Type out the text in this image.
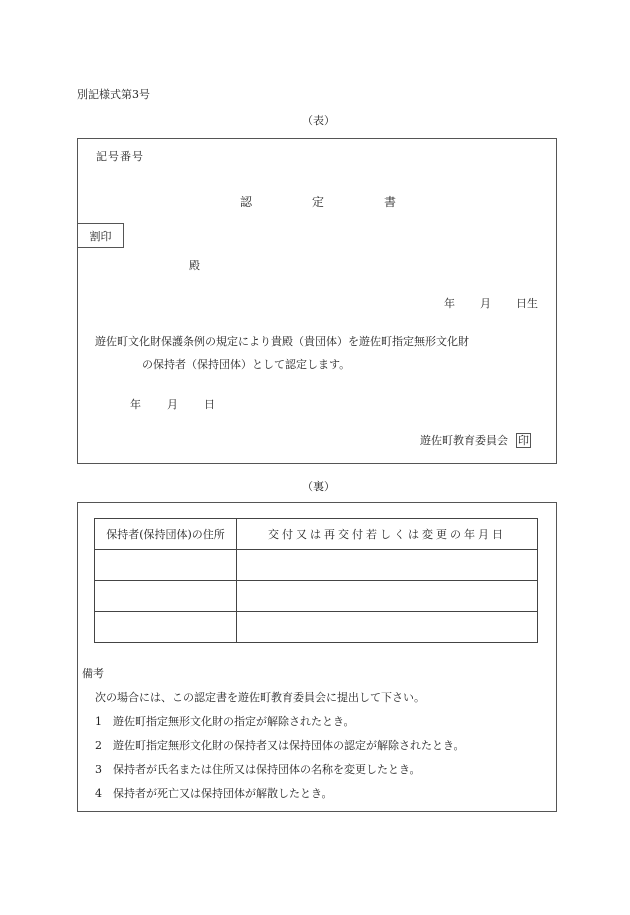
別記様式第3号
（表）
記号番号
認	定	書
割印
殿
年 月 日生
遊佐町文化財保護条例の規定により貴殿（貴団体）を遊佐町指定無形文化財
の保持者（保持団体）として認定します。
年 月 日
遊佐町教育委員会 印
（裏）
保持者(保持団体)の住所	交付又は再交付若しくは変更の年月日

備考
次の場合には、この認定書を遊佐町教育委員会に提出して下さい。
1 遊佐町指定無形文化財の指定が解除されたとき。
2 遊佐町指定無形文化財の保持者又は保持団体の認定が解除されたとき。
3 保持者が氏名または住所又は保持団体の名称を変更したとき。
4 保持者が死亡又は保持団体が解散したとき。
